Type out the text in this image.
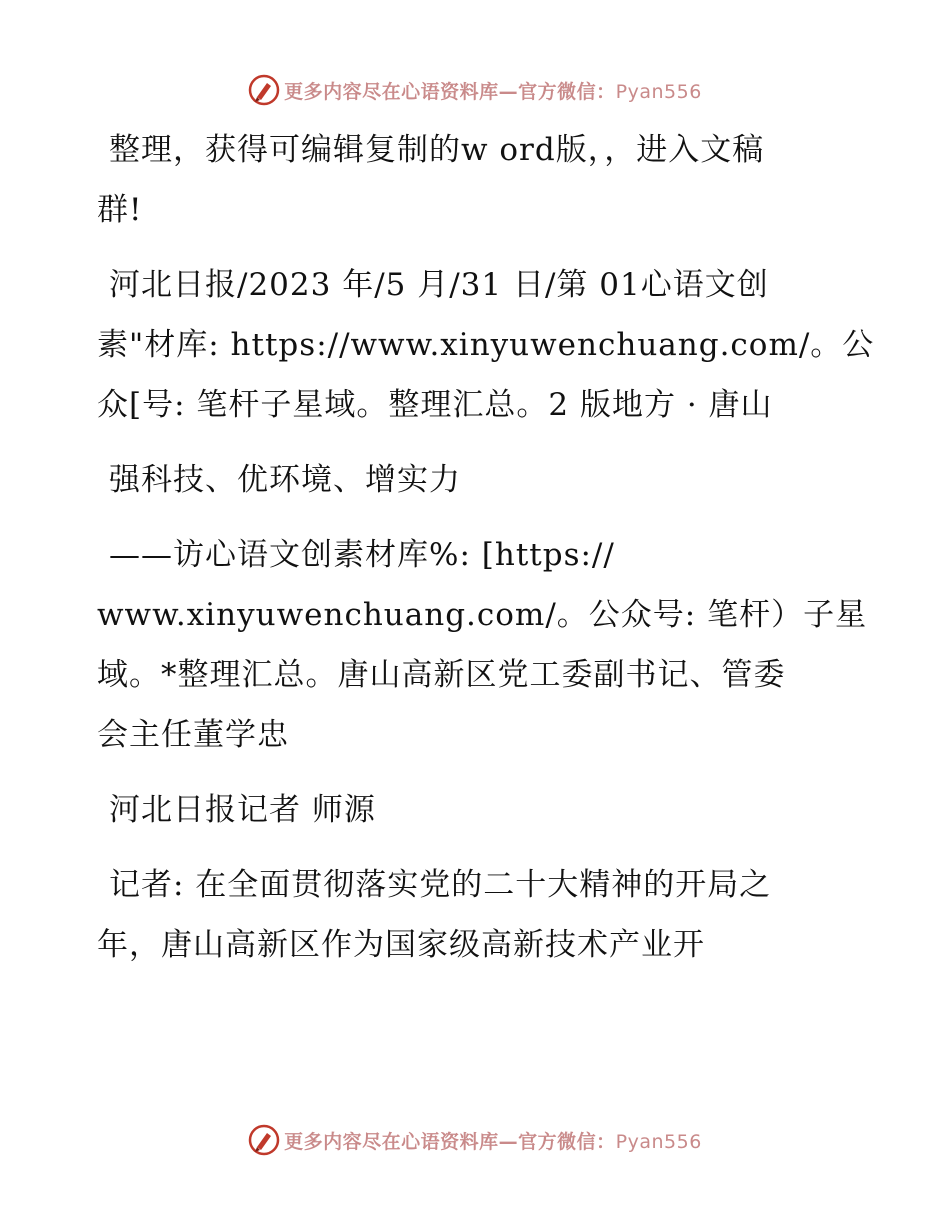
更多内容尽在心语资料库—官方微信：Pyan556
整理，获得可编辑复制的w ord版，，进入文稿
群!
河北日报/2023 年/5 月/31 日/第 01心语文创
素"材库: https://www.xinyuwenchuang.com/。公
众[号: 笔杆子星域。整理汇总。2 版地方 · 唐山
强科技、优环境、增实力
——访心语文创素材库%: [https://
www.xinyuwenchuang.com/。公众号: 笔杆）子星
域。*整理汇总。唐山高新区党工委副书记、管委
会主任董学忠
河北日报记者 师源
记者: 在全面贯彻落实党的二十大精神的开局之
年，唐山高新区作为国家级高新技术产业开
更多内容尽在心语资料库—官方微信：Pyan556
